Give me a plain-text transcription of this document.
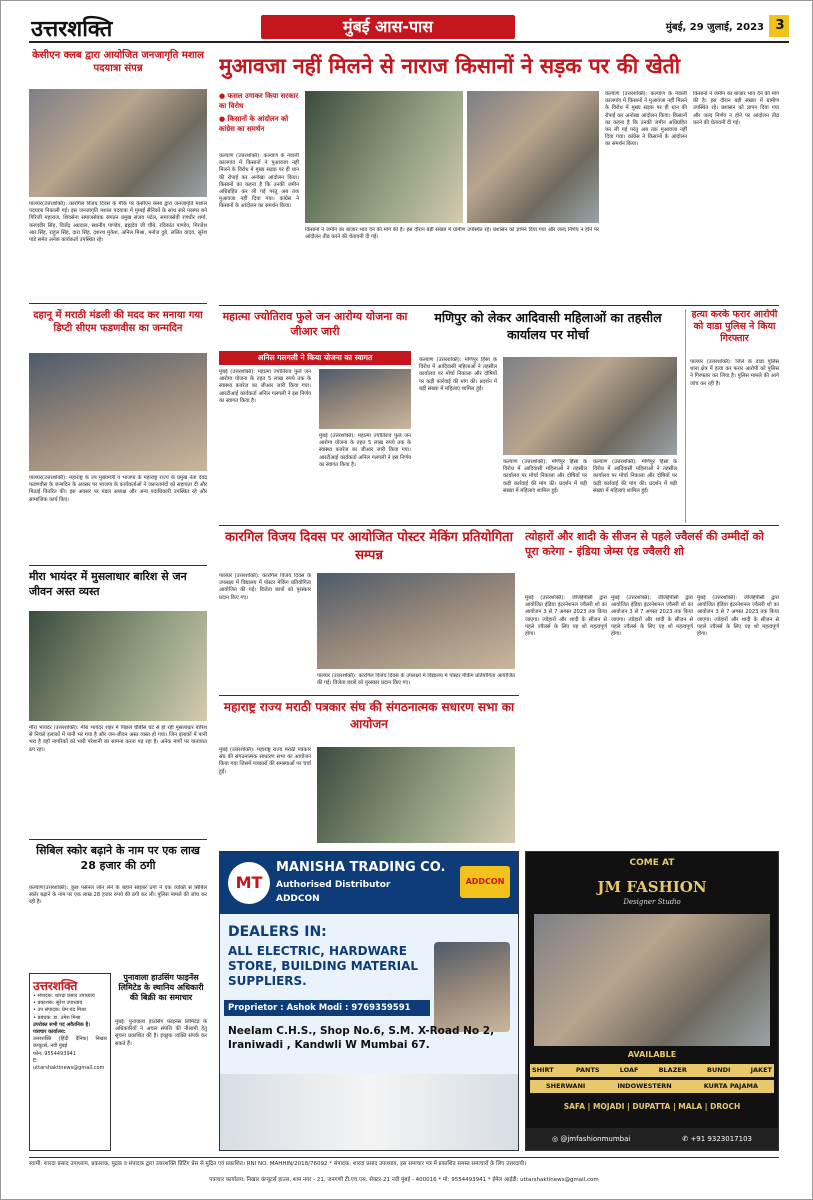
उत्तरशक्ति	मुंबई आस-पास	मुंबई, 29 जुलाई, 2023 3
केसीएन क्लब द्वारा आयोजित जनजागृति मशाल पदयात्रा संपन्न
पालघर(उत्तरशक्ति): कारगिल विजय दिवस के मौके पर केसीएन क्लब द्वारा जनजागृति मशाल पदयात्रा निकाली गई। इस जनजागृति मशाल पदयात्रा में मुम्बई सैनिकों के साथ सारे परस्पर बने गिरिजी महाराज, शिवसेना समाजसेवक संगठन प्रमुख संजय पटेल, समाजसेवी रणधीर शर्मा, करणवीर सिंह, विजेंद्र अग्रवाल, स्थानीय पाण्डेय, ब्रह्मदेव जी चौबे, रविकांत पाण्डेय, गिरजेश आर.सिंह, राहुल सिंह, दारा सिंह, दशरथ मुकेश, अनिल मिश्रा, मनोज दुबे, ललित यादव, सुरेश पांडे समेत अनेक कार्यकर्ता उपस्थित रहे।
दहानू में मराठी मंडली की मदद कर मनाया गया डिप्टी सीएम फडणवीस का जन्मदिन
पालघर(उत्तरशक्ति): महाराष्ट्र के उप मुख्यमंत्री व भाजपा के महाराष्ट्र राज्य के प्रमुख नेता देवेंद्र फडणवीस के जन्मदिन के अवसर पर भाजपा के कार्यकर्ताओं ने जरूरतमंदों को सहायता दी और मिठाई वितरित की। इस अवसर पर मंडल अध्यक्ष और अन्य पदाधिकारी उपस्थित रहे और सामाजिक कार्य किए।
मीरा भायंदर में मुसलाधार बारिश से जन जीवन अस्त व्यस्त
मीरा भायंदर (उत्तरशक्ति): मीरा भायंदर शहर में पिछले चौबीस घंटे से हो रही मूसलाधार बारिश से निचले इलाकों में पानी भर गया है और जन-जीवन अस्त व्यस्त हो गया। जिन इलाकों में पानी भरा है वहाँ नागरिकों को भारी परेशानी का सामना करना पड़ रहा है। अनेक मार्गों पर यातायात ठप रहा।
सिबिल स्कोर बढ़ाने के नाम पर एक लाख 28 हजार की ठगी
कल्याण(उत्तरशक्ति): कुछ पर्सनल लोन लेने के बहाने साइबर ठगों ने एक व्यक्ति से सिबिल स्कोर बढ़ाने के नाम पर एक लाख 28 हजार रुपये की ठगी कर ली। पुलिस मामले की जांच कर रही है।
उत्तरशक्ति
• संपादक: शारदा प्रसाद उपाध्याय
• प्रकाशक: सुरेश उपाध्याय
• उप संपादक: प्रेम चंद मिश्रा
• प्रबंधक: डा. उमेश मिश्रा
उपरोक्त सभी पद अवैतनिक है।
पत्राचार कार्यालय:
उत्तरशक्ति (हिंदी दैनिक) निखार कंप्यूटर्स, नवी मुंबई
फोन: 9554493941
E: uttarshaktinews@gmail.com
पुनावाला हाउसिंग फाइनेंस लिमिटेड के स्थानिय अधिकारी की बिक्री का समाचार
मुंबई: पुनावाला हाउसिंग फाइनेंस लिमिटेड के अधिकारियों ने अचल संपत्ति की नीलामी हेतु सूचना प्रकाशित की है। इच्छुक व्यक्ति संपर्क कर सकते हैं।
मुआवजा नहीं मिलने से नाराज किसानों ने सड़क पर की खेती
● फसल उगाकर किया सरकार का विरोध
● किसानों के आंदोलन को कांग्रेस का समर्थन
कल्याण (उत्तरशक्ति): कल्याण के नेवाली कालगांव में किसानों ने मुआवजा नहीं मिलने के विरोध में मुख्य सड़क पर ही धान की रोपाई कर अनोखा आंदोलन किया। किसानों का कहना है कि उनकी जमीन अधिग्रहित कर ली गई परंतु अब तक मुआवजा नहीं दिया गया। कांग्रेस ने किसानों के आंदोलन का समर्थन किया।
किसानों ने जमीन का बाजार भाव देने की मांग की है। इस दौरान बड़ी संख्या में ग्रामीण उपस्थित रहे। प्रशासन को ज्ञापन दिया गया और जल्द निर्णय न होने पर आंदोलन तीव्र करने की चेतावनी दी गई।
कल्याण (उत्तरशक्ति): कल्याण के नेवाली कालगांव में किसानों ने मुआवजा नहीं मिलने के विरोध में मुख्य सड़क पर ही धान की रोपाई कर अनोखा आंदोलन किया। किसानों का कहना है कि उनकी जमीन अधिग्रहित कर ली गई परंतु अब तक मुआवजा नहीं दिया गया। कांग्रेस ने किसानों के आंदोलन का समर्थन किया।
किसानों ने जमीन का बाजार भाव देने की मांग की है। इस दौरान बड़ी संख्या में ग्रामीण उपस्थित रहे। प्रशासन को ज्ञापन दिया गया और जल्द निर्णय न होने पर आंदोलन तीव्र करने की चेतावनी दी गई।
महात्मा ज्योतिराव फुले जन आरोग्य योजना का जीआर जारी
अनिल गलगली ने किया योजना का स्वागत
मुंबई (उत्तरशक्ति): महात्मा ज्योतिराव फुले जन आरोग्य योजना के तहत 5 लाख रुपये तक के स्वास्थ्य कवरेज का जीआर जारी किया गया। आरटीआई कार्यकर्ता अनिल गलगली ने इस निर्णय का स्वागत किया है।
मुंबई (उत्तरशक्ति): महात्मा ज्योतिराव फुले जन आरोग्य योजना के तहत 5 लाख रुपये तक के स्वास्थ्य कवरेज का जीआर जारी किया गया। आरटीआई कार्यकर्ता अनिल गलगली ने इस निर्णय का स्वागत किया है।
मणिपुर को लेकर आदिवासी महिलाओं का तहसील कार्यालय पर मोर्चा
कल्याण (उत्तरशक्ति): मणिपुर हिंसा के विरोध में आदिवासी महिलाओं ने तहसील कार्यालय पर मोर्चा निकाला और दोषियों पर कड़ी कार्रवाई की मांग की। प्रदर्शन में बड़ी संख्या में महिलाएं शामिल हुईं।
कल्याण (उत्तरशक्ति): मणिपुर हिंसा के विरोध में आदिवासी महिलाओं ने तहसील कार्यालय पर मोर्चा निकाला और दोषियों पर कड़ी कार्रवाई की मांग की। प्रदर्शन में बड़ी संख्या में महिलाएं शामिल हुईं।
कल्याण (उत्तरशक्ति): मणिपुर हिंसा के विरोध में आदिवासी महिलाओं ने तहसील कार्यालय पर मोर्चा निकाला और दोषियों पर कड़ी कार्रवाई की मांग की। प्रदर्शन में बड़ी संख्या में महिलाएं शामिल हुईं।
हत्या करके फरार आरोपी को वाडा पुलिस ने किया गिरफ्तार
पालघर (उत्तरशक्ति): जिले के वाडा पुलिस थाना क्षेत्र में हत्या कर फरार आरोपी को पुलिस ने गिरफ्तार कर लिया है। पुलिस मामले की आगे जांच कर रही है।
कारगिल विजय दिवस पर आयोजित पोस्टर मेकिंग प्रतियोगिता सम्पन्न
पालघर (उत्तरशक्ति): कारगिल विजय दिवस के उपलक्ष्य में विद्यालय में पोस्टर मेकिंग प्रतियोगिता आयोजित की गई। विजेता छात्रों को पुरस्कार प्रदान किए गए।
पालघर (उत्तरशक्ति): कारगिल विजय दिवस के उपलक्ष्य में विद्यालय में पोस्टर मेकिंग प्रतियोगिता आयोजित की गई। विजेता छात्रों को पुरस्कार प्रदान किए गए।
त्योहारों और शादी के सीजन से पहले ज्वैलर्स की उम्मीदों को पूरा करेगा - इंडिया जेम्स एंड ज्वैलरी शो
मुंबई (उत्तरशक्ति): जीजेईपीसी द्वारा आयोजित इंडिया इंटरनेशनल ज्वैलरी शो का आयोजन 3 से 7 अगस्त 2023 तक किया जाएगा। त्योहारों और शादी के सीजन से पहले ज्वैलर्स के लिए यह शो महत्वपूर्ण होगा।
मुंबई (उत्तरशक्ति): जीजेईपीसी द्वारा आयोजित इंडिया इंटरनेशनल ज्वैलरी शो का आयोजन 3 से 7 अगस्त 2023 तक किया जाएगा। त्योहारों और शादी के सीजन से पहले ज्वैलर्स के लिए यह शो महत्वपूर्ण होगा।
मुंबई (उत्तरशक्ति): जीजेईपीसी द्वारा आयोजित इंडिया इंटरनेशनल ज्वैलरी शो का आयोजन 3 से 7 अगस्त 2023 तक किया जाएगा। त्योहारों और शादी के सीजन से पहले ज्वैलर्स के लिए यह शो महत्वपूर्ण होगा।
महाराष्ट्र राज्य मराठी पत्रकार संघ की संगठनात्मक सधारण सभा का आयोजन
मुंबई (उत्तरशक्ति): महाराष्ट्र राज्य मराठी पत्रकार संघ की संगठनात्मक साधारण सभा का आयोजन किया गया जिसमें पत्रकारों की समस्याओं पर चर्चा हुई।
MT
MANISHA TRADING CO.
Authorised Distributor
ADDCON
ADDCON
DEALERS IN:
ALL ELECTRIC, HARDWARE STORE, BUILDING MATERIAL SUPPLIERS.
Proprietor : Ashok Modi : 9769359591
Neelam C.H.S., Shop No.6, S.M. X-Road No 2, Iraniwadi , Kandwli W Mumbai 67.
COME AT
JM FASHION
Designer Studio
AVAILABLE
SHIRT	PANTS	LOAF	BLAZER	BUNDI	JAKET
SHERWANI	INDOWESTERN	KURTA PAJAMA
SAFA | MOJADI | DUPATTA | MALA | DROCH
◎ @jmfashionmumbai	✆ +91 9323017103
स्वामी: शारदा प्रसाद उपाध्याय, प्रकाशक, मुद्रक व संपादक द्वारा उत्तरशक्ति प्रिंटिंग प्रेस से मुद्रित एवं प्रकाशित। RNI NO. MAHHIN/2018/76092 * संपादक: शारदा प्रसाद उपाध्याय, इस समाचार पत्र में प्रकाशित समस्त समाचारों के लिए उत्तरदायी।
पत्राचार कार्यालय: निखार कंप्यूटर्स हाउस, शाम नगर - 21, जनगणी टी.एच.एस. सेक्टर-21 नवी मुंबई - 400016 * मो: 9554493941 * ईमेल आईडी: uttarshaktinews@gmail.com
